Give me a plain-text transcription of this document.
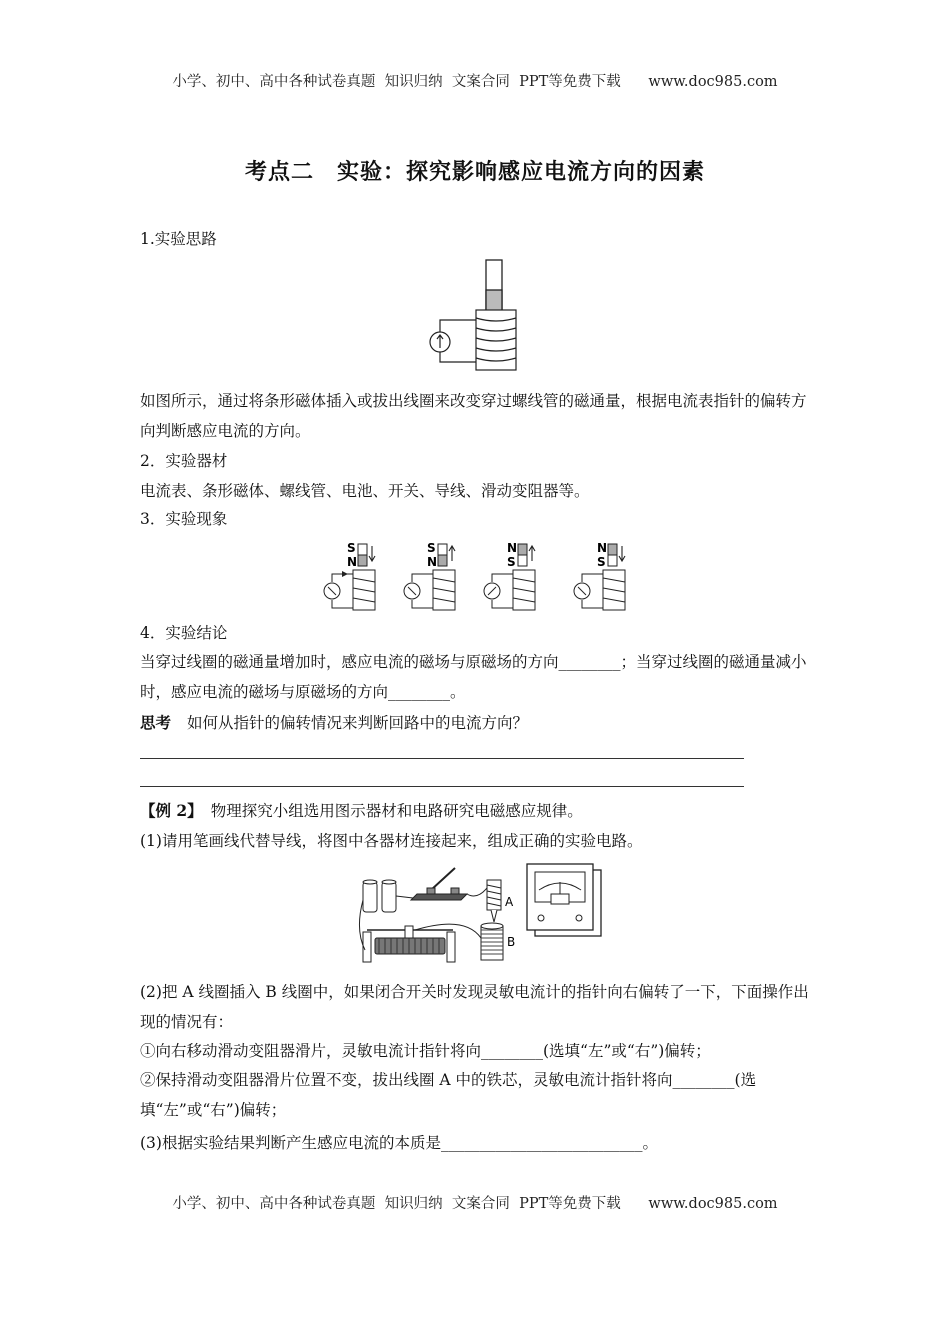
小学、初中、高中各种试卷真题  知识归纳  文案合同  PPT等免费下载      www.doc985.com
考点二　实验：探究影响感应电流方向的因素
1.实验思路
如图所示，通过将条形磁体插入或拔出线圈来改变穿过螺线管的磁通量，根据电流表指针的偏转方向判断感应电流的方向。
2．实验器材
电流表、条形磁体、螺线管、电池、开关、导线、滑动变阻器等。
3．实验现象
S
N
S
N
N
S
N
S
4．实验结论
当穿过线圈的磁通量增加时，感应电流的磁场与原磁场的方向________；当穿过线圈的磁通量减小时，感应电流的磁场与原磁场的方向________。
思考 如何从指针的偏转情况来判断回路中的电流方向？
【例 2】 物理探究小组选用图示器材和电路研究电磁感应规律。
(1)请用笔画线代替导线，将图中各器材连接起来，组成正确的实验电路。
A
B
(2)把 A 线圈插入 B 线圈中，如果闭合开关时发现灵敏电流计的指针向右偏转了一下，下面操作出现的情况有：
①向右移动滑动变阻器滑片，灵敏电流计指针将向________(选填“左”或“右”)偏转；
②保持滑动变阻器滑片位置不变，拔出线圈 A 中的铁芯，灵敏电流计指针将向________(选填“左”或“右”)偏转；
(3)根据实验结果判断产生感应电流的本质是__________________________。
小学、初中、高中各种试卷真题  知识归纳  文案合同  PPT等免费下载      www.doc985.com
